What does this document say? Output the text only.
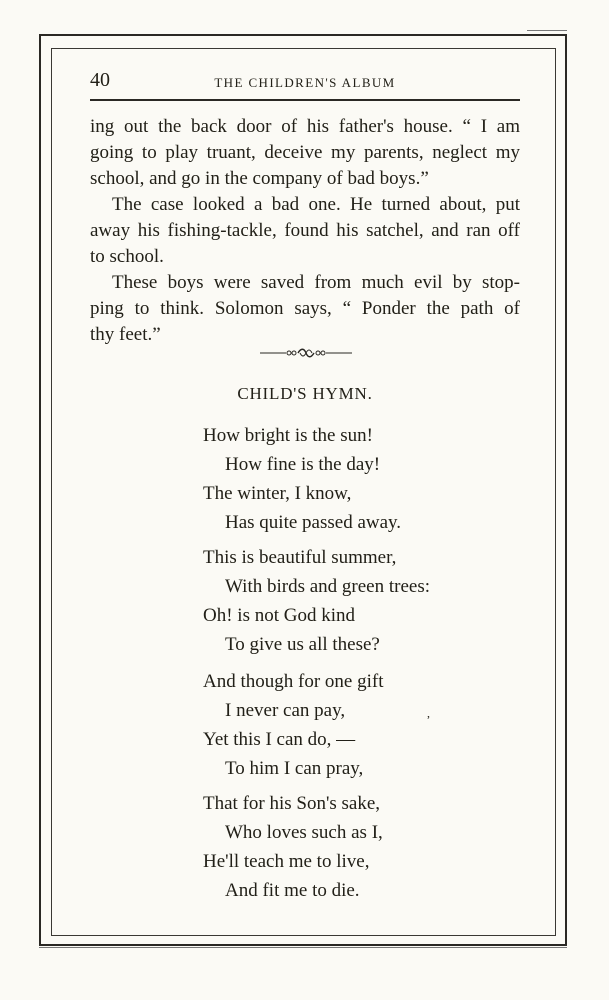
40	THE CHILDREN'S ALBUM

ing out the back door of his father's house. “ I am
going to play truant, deceive my parents, neglect my
school, and go in the company of bad boys.”

The case looked a bad one. He turned about, put
away his fishing-tackle, found his satchel, and ran off
to school.

These boys were saved from much evil by stop-
ping to think. Solomon says, “ Ponder the path of
thy feet.”

CHILD'S HYMN.
How bright is the sun!
How fine is the day!
The winter, I know,
Has quite passed away.
This is beautiful summer,
With birds and green trees:
Oh! is not God kind
To give us all these?
And though for one gift
I never can pay,
Yet this I can do, —
To him I can pray,
,
That for his Son's sake,
Who loves such as I,
He'll teach me to live,
And fit me to die.
